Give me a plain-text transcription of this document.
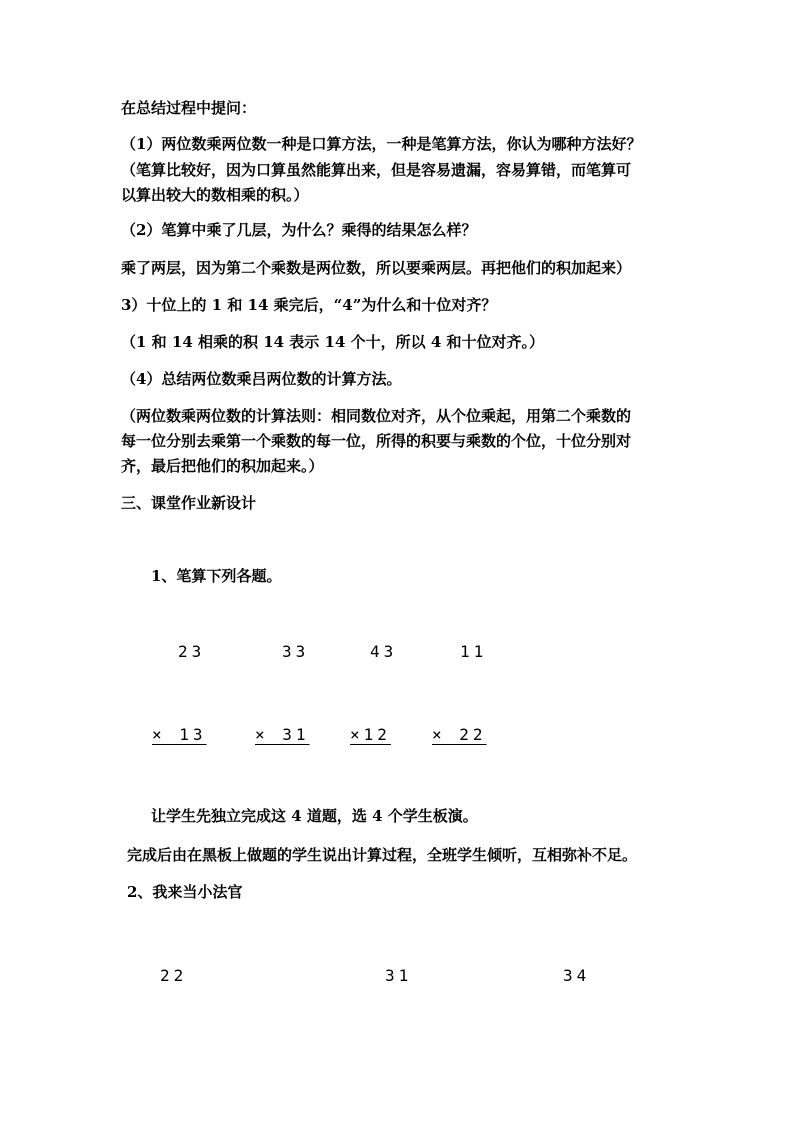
在总结过程中提问：
（1）两位数乘两位数一种是口算方法，一种是笔算方法，你认为哪种方法好？
（笔算比较好，因为口算虽然能算出来，但是容易遗漏，容易算错，而笔算可
以算出较大的数相乘的积。）
（2）笔算中乘了几层，为什么？乘得的结果怎么样？
乘了两层，因为第二个乘数是两位数，所以要乘两层。再把他们的积加起来）
3）十位上的 1 和 14 乘完后，“4”为什么和十位对齐？
（1 和 14 相乘的积 14 表示 14 个十，所以 4 和十位对齐。）
（4）总结两位数乘吕两位数的计算方法。
（两位数乘两位数的计算法则：相同数位对齐，从个位乘起，用第二个乘数的
每一位分别去乘第一个乘数的每一位，所得的积要与乘数的个位，十位分别对
齐，最后把他们的积加起来。）
三、课堂作业新设计
1、笔算下列各题。
23	33	43	11
× 13	× 31	×12	× 22
让学生先独立完成这 4 道题，选 4 个学生板演。
完成后由在黑板上做题的学生说出计算过程，全班学生倾听，互相弥补不足。
2、我来当小法官
22	31	34
